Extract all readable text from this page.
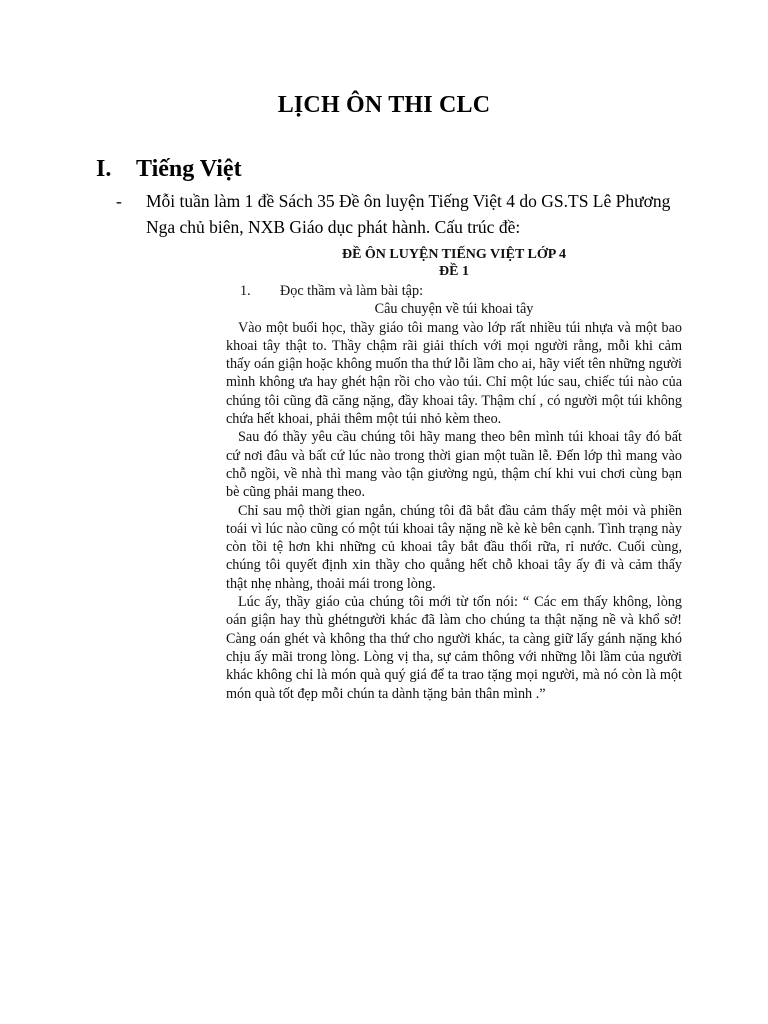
LỊCH ÔN THI CLC
I.	Tiếng Việt
-	Mỗi tuần làm 1 đề Sách 35 Đề ôn luyện Tiếng Việt 4 do GS.TS Lê Phương Nga chủ biên, NXB Giáo dục phát hành. Cấu trúc đề:
ĐỀ ÔN LUYỆN TIẾNG VIỆT LỚP 4
ĐỀ 1
1.	Đọc thầm và làm bài tập:
Câu chuyện về túi khoai tây

Vào một buổi học, thầy giáo tôi mang vào lớp rất nhiều túi nhựa và một bao khoai tây thật to. Thầy chậm rãi giải thích với mọi người rằng, mỗi khi cảm thấy oán giận hoặc không muốn tha thứ lỗi lầm cho ai, hãy viết tên những người mình không ưa hay ghét hận rồi cho vào túi. Chỉ một lúc sau, chiếc túi nào của chúng tôi cũng đã căng nặng, đầy khoai tây. Thậm chí , có người một túi không chứa hết khoai, phải thêm một túi nhỏ kèm theo.

Sau đó thầy yêu cầu chúng tôi hãy mang theo bên mình túi khoai tây đó bất cứ nơi đâu và bất cứ lúc nào trong thời gian một tuần lễ. Đến lớp thì mang vào chỗ ngồi, về nhà thì mang vào tận giường ngủ, thậm chí khi vui chơi cùng bạn bè cũng phải mang theo.

Chỉ sau mộ thời gian ngắn, chúng tôi đã bắt đầu cảm thấy mệt mỏi và phiền toái vì lúc nào cũng có một túi khoai tây nặng nề kè kè bên cạnh. Tình trạng này còn tồi tệ hơn khi những củ khoai tây bắt đầu thối rữa, rỉ nước. Cuối cùng, chúng tôi quyết định xin thầy cho quẳng hết chỗ khoai tây ấy đi và cảm thấy thật nhẹ nhàng, thoải mái trong lòng.

Lúc ấy, thầy giáo của chúng tôi mới từ tốn nói: “ Các em thấy không, lòng oán giận hay thù ghétngười khác đã làm cho chúng ta thật nặng nề và khổ sở! Càng oán ghét và không tha thứ cho người khác, ta càng giữ lấy gánh nặng khó chịu ấy mãi trong lòng. Lòng vị tha, sự cảm thông với những lỗi lầm của người khác không chỉ là món quà quý giá để ta trao tặng mọi người, mà nó còn là một món quà tốt đẹp mỗi chún ta dành tặng bản thân mình .”
